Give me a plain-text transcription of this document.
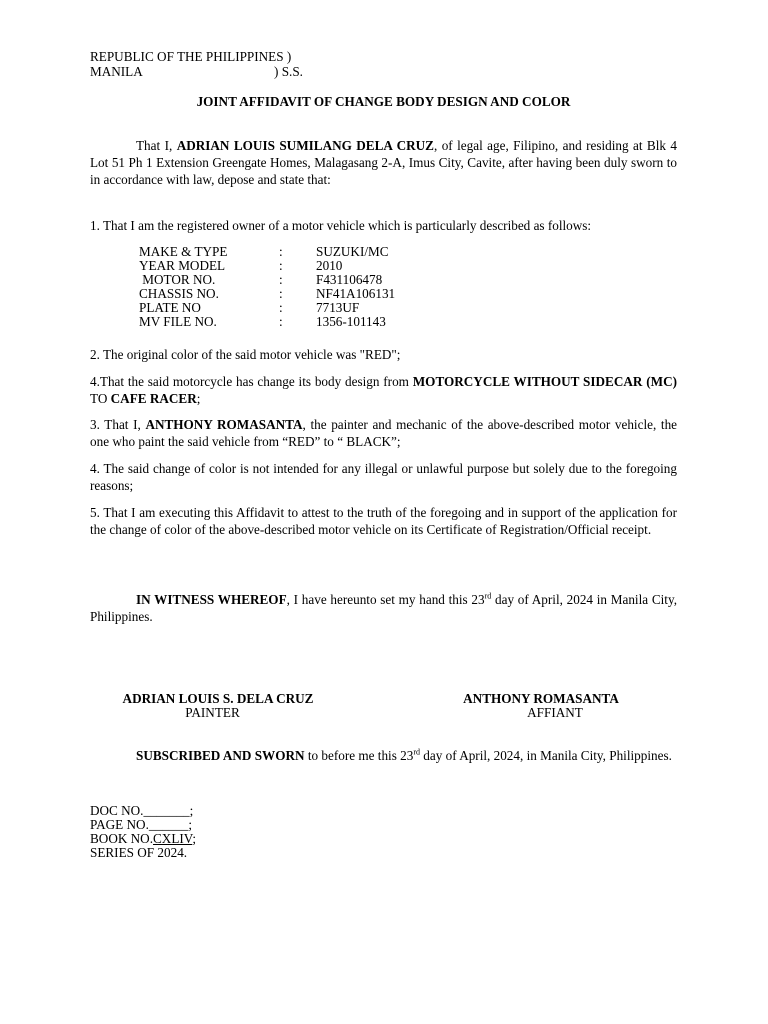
REPUBLIC OF THE PHILIPPINES )
MANILA	) S.S.
JOINT AFFIDAVIT OF CHANGE BODY DESIGN AND COLOR
That I, ADRIAN LOUIS SUMILANG DELA CRUZ, of legal age, Filipino, and residing at Blk 4 Lot 51 Ph 1 Extension Greengate Homes, Malagasang 2-A, Imus City, Cavite, after having been duly sworn to in accordance with law, depose and state that:
1. That I am the registered owner of a motor vehicle which is particularly described as follows:
MAKE & TYPE	:	SUZUKI/MC
YEAR MODEL	:	2010
MOTOR NO.	:	F431106478
CHASSIS NO.	:	NF41A106131
PLATE NO	:	7713UF
MV FILE NO.	:	1356-101143
2. The original color of the said motor vehicle was "RED";
4.That the said motorcycle has change its body design from MOTORCYCLE WITHOUT SIDECAR (MC) TO CAFE RACER;
3. That I, ANTHONY ROMASANTA, the painter and mechanic of the above-described motor vehicle, the one who paint the said vehicle from “RED” to “ BLACK”;
4. The said change of color is not intended for any illegal or unlawful purpose but solely due to the foregoing reasons;
5. That I am executing this Affidavit to attest to the truth of the foregoing and in support of the application for the change of color of the above-described motor vehicle on its Certificate of Registration/Official receipt.
IN WITNESS WHEREOF, I have hereunto set my hand this 23rd day of April, 2024 in Manila City, Philippines.
ADRIAN LOUIS S. DELA CRUZ
PAINTER
ANTHONY ROMASANTA
AFFIANT
SUBSCRIBED AND SWORN to before me this 23rd day of April, 2024, in Manila City, Philippines.
DOC NO._______;
PAGE NO.______;
BOOK NO.CXLIV;
SERIES OF 2024.
